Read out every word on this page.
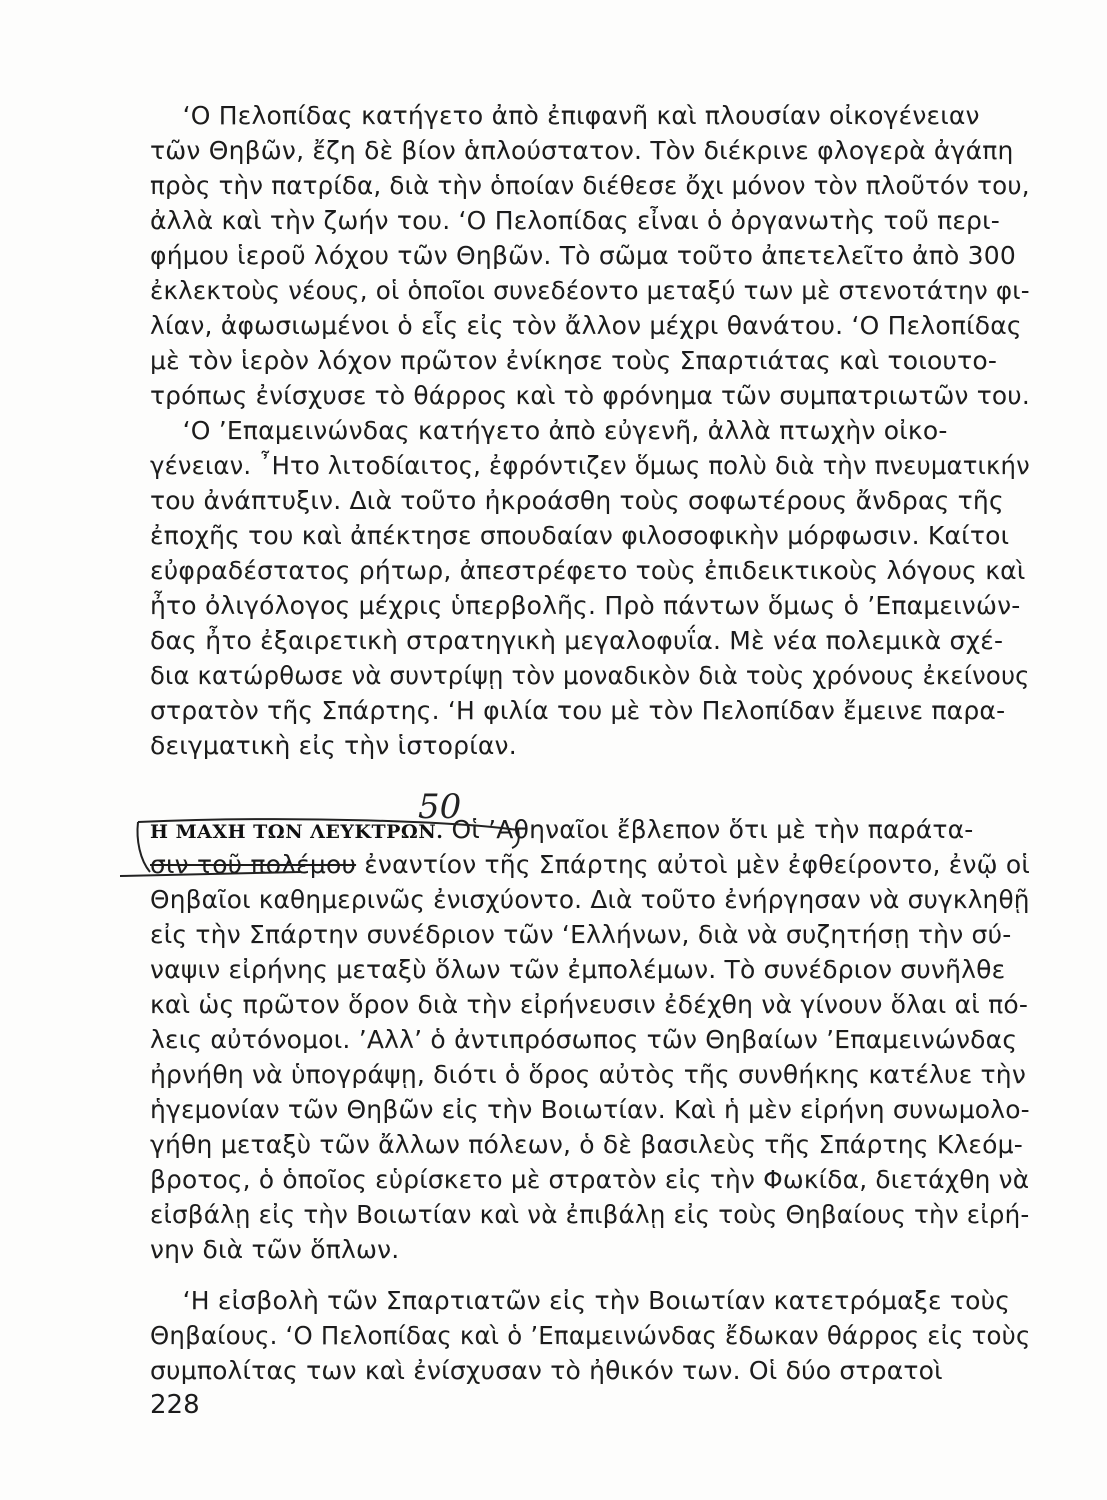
‘Ο Πελοπίδας κατήγετο ἀπὸ ἐπιφανῆ καὶ πλουσίαν οἰκογένειαν
τῶν Θηβῶν, ἔζη δὲ βίον ἁπλούστατον. Τὸν διέκρινε φλογερὰ ἀγάπη
πρὸς τὴν πατρίδα, διὰ τὴν ὁποίαν διέθεσε ὄχι μόνον τὸν πλοῦτόν του,
ἀλλὰ καὶ τὴν ζωήν του. ‘Ο Πελοπίδας εἶναι ὁ ὀργανωτὴς τοῦ περι-
φήμου ἱεροῦ λόχου τῶν Θηβῶν. Τὸ σῶμα τοῦτο ἀπετελεῖτο ἀπὸ 300
ἐκλεκτοὺς νέους, οἱ ὁποῖοι συνεδέοντο μεταξύ των μὲ στενοτάτην φι-
λίαν, ἀφωσιωμένοι ὁ εἷς εἰς τὸν ἄλλον μέχρι θανάτου. ‘Ο Πελοπίδας
μὲ τὸν ἱερὸν λόχον πρῶτον ἐνίκησε τοὺς Σπαρτιάτας καὶ τοιουτο-
τρόπως ἐνίσχυσε τὸ θάρρος καὶ τὸ φρόνημα τῶν συμπατριωτῶν του.
‘Ο ’Επαμεινώνδας κατήγετο ἀπὸ εὐγενῆ, ἀλλὰ πτωχὴν οἰκο-
γένειαν. ῏Ητο λιτοδίαιτος, ἐφρόντιζεν ὅμως πολὺ διὰ τὴν πνευματικήν
του ἀνάπτυξιν. Διὰ τοῦτο ἠκροάσθη τοὺς σοφωτέρους ἄνδρας τῆς
ἐποχῆς του καὶ ἀπέκτησε σπουδαίαν φιλοσοφικὴν μόρφωσιν. Καίτοι
εὐφραδέστατος ρήτωρ, ἀπεστρέφετο τοὺς ἐπιδεικτικοὺς λόγους καὶ
ἦτο ὀλιγόλογος μέχρις ὑπερβολῆς. Πρὸ πάντων ὅμως ὁ ’Επαμεινών-
δας ἦτο ἐξαιρετικὴ στρατηγικὴ μεγαλοφυΐα. Μὲ νέα πολεμικὰ σχέ-
δια κατώρθωσε νὰ συντρίψῃ τὸν μοναδικὸν διὰ τοὺς χρόνους ἐκείνους
στρατὸν τῆς Σπάρτης. ‘Η φιλία του μὲ τὸν Πελοπίδαν ἔμεινε παρα-
δειγματικὴ εἰς τὴν ἱστορίαν.
Η ΜΑΧΗ ΤΩΝ ΛΕΥΚΤΡΩΝ. Οἱ ’Αθηναῖοι ἔβλεπον ὅτι μὲ τὴν παράτα-
σιν τοῦ πολέμου ἐναντίον τῆς Σπάρτης αὐτοὶ μὲν ἐφθείροντο, ἐνῷ οἱ
Θηβαῖοι καθημερινῶς ἐνισχύοντο. Διὰ τοῦτο ἐνήργησαν νὰ συγκληθῇ
εἰς τὴν Σπάρτην συνέδριον τῶν ‘Ελλήνων, διὰ νὰ συζητήσῃ τὴν σύ-
ναψιν εἰρήνης μεταξὺ ὅλων τῶν ἐμπολέμων. Τὸ συνέδριον συνῆλθε
καὶ ὡς πρῶτον ὅρον διὰ τὴν εἰρήνευσιν ἐδέχθη νὰ γίνουν ὅλαι αἱ πό-
λεις αὐτόνομοι. ’Αλλ’ ὁ ἀντιπρόσωπος τῶν Θηβαίων ’Επαμεινώνδας
ἠρνήθη νὰ ὑπογράψῃ, διότι ὁ ὅρος αὐτὸς τῆς συνθήκης κατέλυε τὴν
ἡγεμονίαν τῶν Θηβῶν εἰς τὴν Βοιωτίαν. Καὶ ἡ μὲν εἰρήνη συνωμολο-
γήθη μεταξὺ τῶν ἄλλων πόλεων, ὁ δὲ βασιλεὺς τῆς Σπάρτης Κλεόμ-
βροτος, ὁ ὁποῖος εὑρίσκετο μὲ στρατὸν εἰς τὴν Φωκίδα, διετάχθη νὰ
εἰσβάλῃ εἰς τὴν Βοιωτίαν καὶ νὰ ἐπιβάλῃ εἰς τοὺς Θηβαίους τὴν εἰρή-
νην διὰ τῶν ὅπλων.
‘Η εἰσβολὴ τῶν Σπαρτιατῶν εἰς τὴν Βοιωτίαν κατετρόμαξε τοὺς
Θηβαίους. ‘Ο Πελοπίδας καὶ ὁ ’Επαμεινώνδας ἔδωκαν θάρρος εἰς τοὺς
συμπολίτας των καὶ ἐνίσχυσαν τὸ ἠθικόν των. Οἱ δύο στρατοὶ
50
228
